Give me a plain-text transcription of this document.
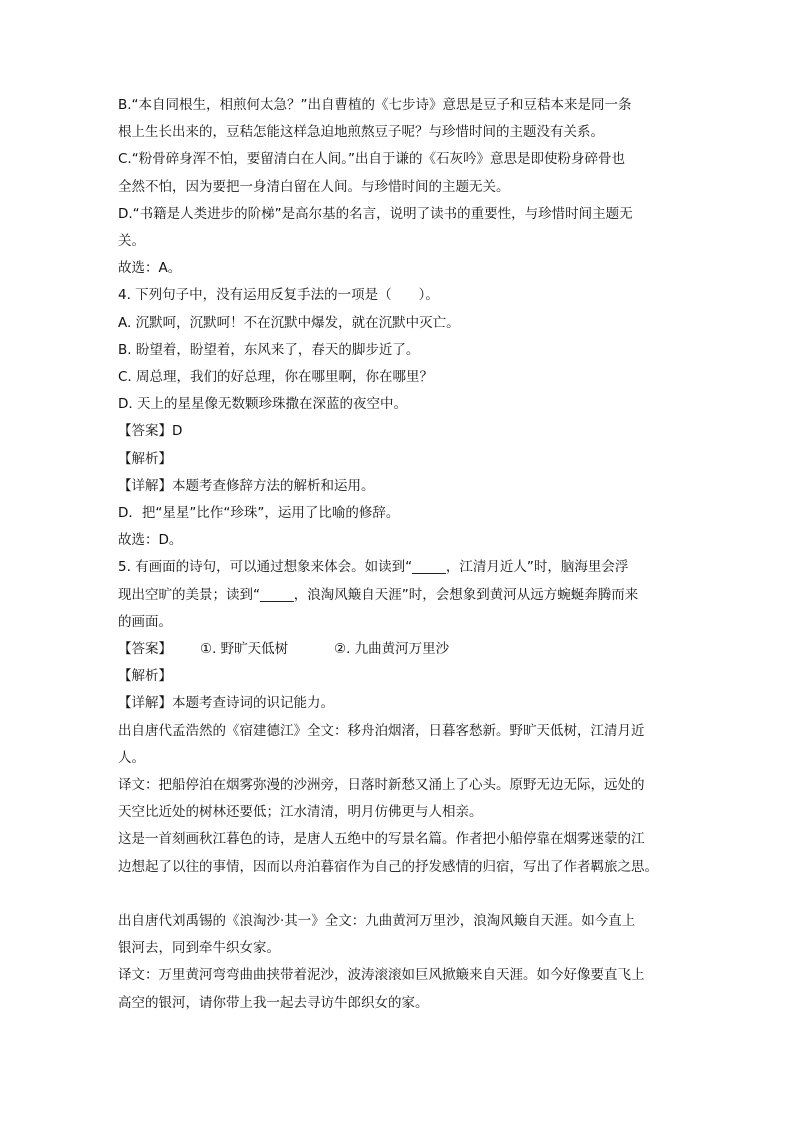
B.“本自同根生，相煎何太急？”出自曹植的《七步诗》意思是豆子和豆秸本来是同一条

根上生长出来的，豆秸怎能这样急迫地煎熬豆子呢？与珍惜时间的主题没有关系。

C.“粉骨碎身浑不怕，要留清白在人间。”出自于谦的《石灰吟》意思是即使粉身碎骨也

全然不怕，因为要把一身清白留在人间。与珍惜时间的主题无关。

D.“书籍是人类进步的阶梯”是高尔基的名言，说明了读书的重要性，与珍惜时间主题无

关。

故选：A。

4. 下列句子中，没有运用反复手法的一项是（　　）。

A. 沉默呵，沉默呵！不在沉默中爆发，就在沉默中灭亡。

B. 盼望着，盼望着，东风来了，春天的脚步近了。

C. 周总理，我们的好总理，你在哪里啊，你在哪里？

D. 天上的星星像无数颗珍珠撒在深蓝的夜空中。

【答案】D

【解析】

【详解】本题考查修辞方法的解析和运用。

D．把“星星”比作“珍珠”，运用了比喻的修辞。

故选：D。

5. 有画面的诗句，可以通过想象来体会。如读到“_____，江清月近人”时，脑海里会浮

现出空旷的美景；读到“_____，浪淘风簸自天涯”时，会想象到黄河从远方蜿蜒奔腾而来

的画面。

【答案】	①. 野旷天低树	②. 九曲黄河万里沙

【解析】

【详解】本题考查诗词的识记能力。

出自唐代孟浩然的《宿建德江》全文：移舟泊烟渚，日暮客愁新。野旷天低树，江清月近

人。

译文：把船停泊在烟雾弥漫的沙洲旁，日落时新愁又涌上了心头。原野无边无际，远处的

天空比近处的树林还要低；江水清清，明月仿佛更与人相亲。

这是一首刻画秋江暮色的诗，是唐人五绝中的写景名篇。作者把小船停靠在烟雾迷蒙的江

边想起了以往的事情，因而以舟泊暮宿作为自己的抒发感情的归宿，写出了作者羁旅之思。

出自唐代刘禹锡的《浪淘沙·其一》全文：九曲黄河万里沙，浪淘风簸自天涯。如今直上

银河去，同到牵牛织女家。

译文：万里黄河弯弯曲曲挟带着泥沙，波涛滚滚如巨风掀簸来自天涯。如今好像要直飞上

高空的银河，请你带上我一起去寻访牛郎织女的家。
